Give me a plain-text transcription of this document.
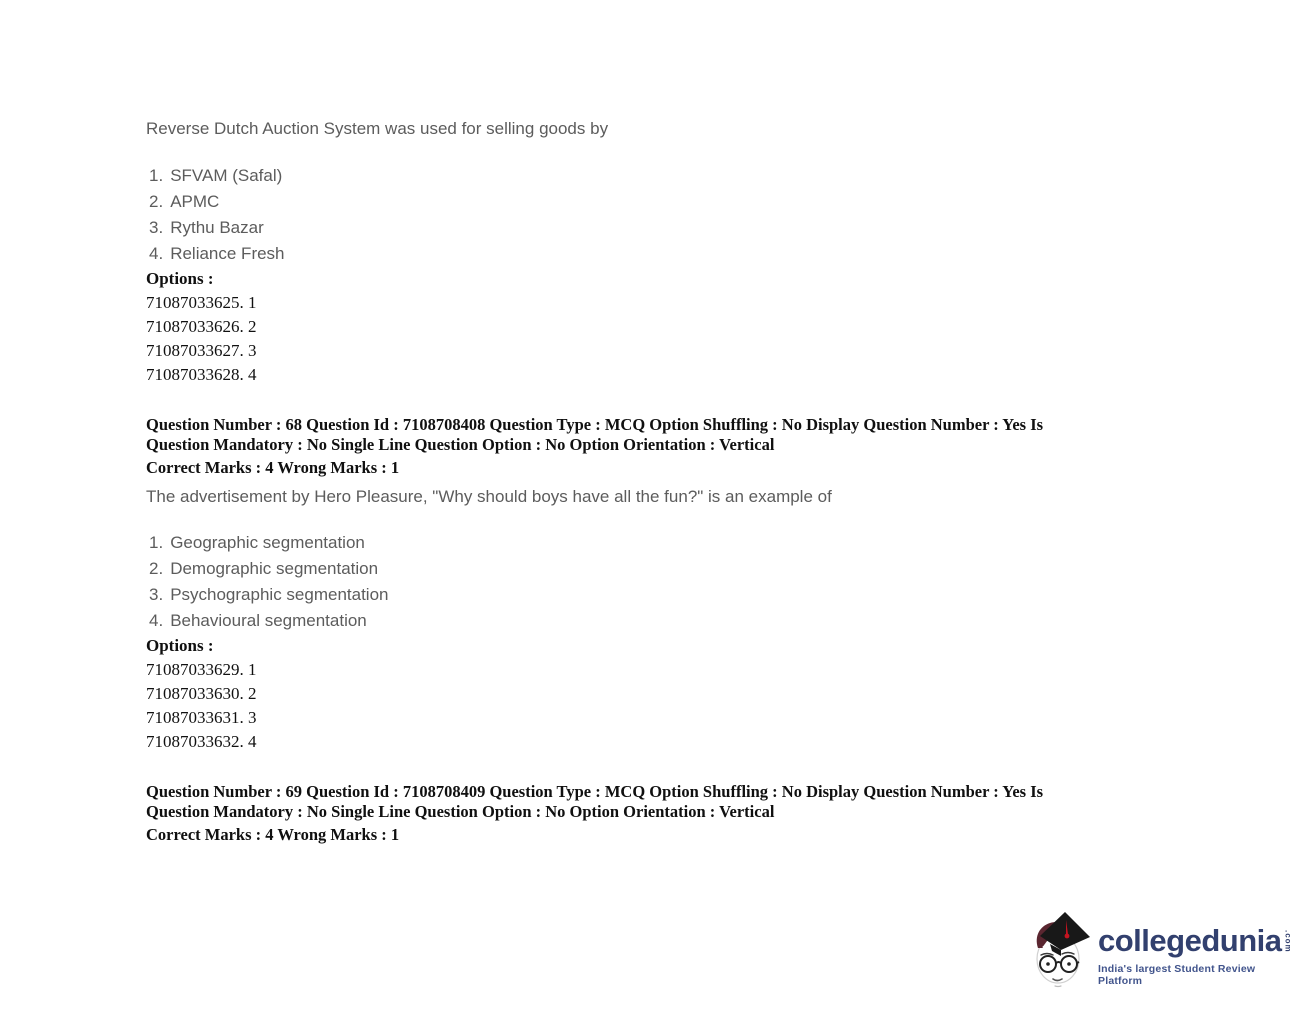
Reverse Dutch Auction System was used for selling goods by

1. SFVAM (Safal)
2. APMC
3. Rythu Bazar
4. Reliance Fresh

Options :

71087033625. 1
71087033626. 2
71087033627. 3
71087033628. 4

Question Number : 68 Question Id : 7108708408 Question Type : MCQ Option Shuffling : No Display Question Number : Yes Is Question Mandatory : No Single Line Question Option : No Option Orientation : Vertical

Correct Marks : 4 Wrong Marks : 1

The advertisement by Hero Pleasure, "Why should boys have all the fun?" is an example of

1. Geographic segmentation
2. Demographic segmentation
3. Psychographic segmentation
4. Behavioural segmentation

Options :

71087033629. 1
71087033630. 2
71087033631. 3
71087033632. 4

Question Number : 69 Question Id : 7108708409 Question Type : MCQ Option Shuffling : No Display Question Number : Yes Is Question Mandatory : No Single Line Question Option : No Option Orientation : Vertical

Correct Marks : 4 Wrong Marks : 1

collegedunia .com
India's largest Student Review Platform
